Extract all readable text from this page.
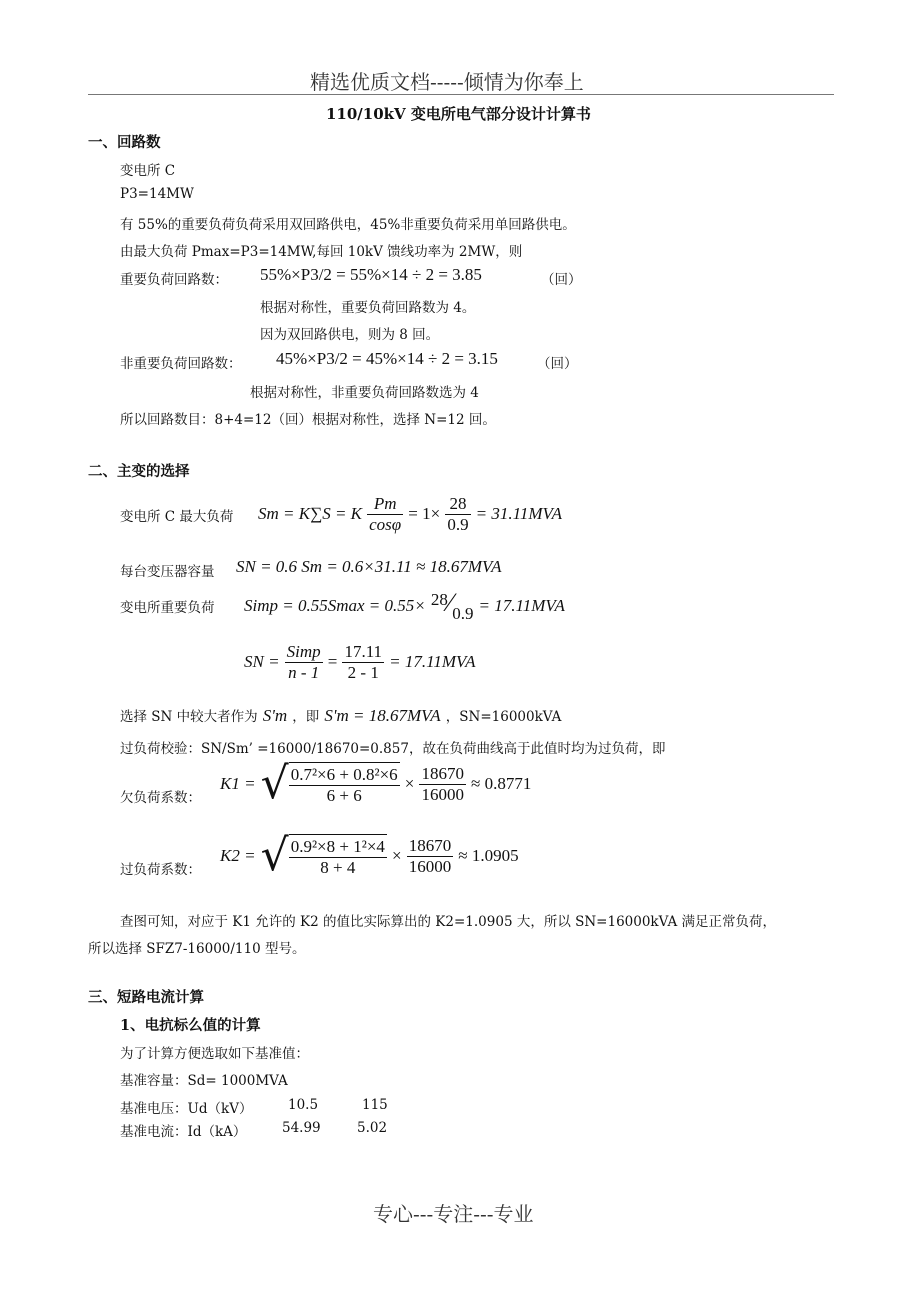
精选优质文档-----倾情为你奉上
110/10kV 变电所电气部分设计计算书
一、回路数
变电所 C
P3=14MW
有 55%的重要负荷负荷采用双回路供电，45%非重要负荷采用单回路供电。
由最大负荷 Pmax=P3=14MW,每回 10kV 馈线功率为 2MW，则
重要负荷回路数： 55%×P3/2 = 55%×14 ÷ 2 = 3.85	（回）
根据对称性，重要负荷回路数为 4。
因为双回路供电，则为 8 回。
非重要负荷回路数： 45%×P3/2 = 45%×14 ÷ 2 = 3.15	（回）
根据对称性，非重要负荷回路数选为 4
所以回路数目：8+4=12（回）根据对称性，选择 N=12 回。
二、主变的选择
变电所 C 最大负荷 Sm = K∑S = K $\frac{Pm}{\cos\varphi} = 1\times \frac{28}{0.9} = 31.11MVA$
每台变压器容量 SN = 0.6 Sm = 0.6×31.11 ≈ 18.67MVA
变电所重要负荷 Simp = 0.55Smax = 0.55× 28⁄0.9 = 17.11MVA
SN = $\frac{\text{Simp}}{n - 1} = \frac{17.11}{2 - 1} = 17.11MVA$
选择 SN 中较大者作为 S'm ，即 S'm = 18.67MVA ，SN=16000kVA
过负荷校验：SN/Sm’ =16000/18670=0.857，故在负荷曲线高于此值时均为过负荷，即
欠负荷系数：
K1 = √ $\frac{\text{0.7²×6 + 0.8²×6}}{6 + 6} \times \frac{18670}{16000} \approx 0.8771$
过负荷系数：
K2 = √ $\frac{\text{0.9²×8 + 1²×4}}{8 + 4} \times \frac{18670}{16000} \approx 1.0905$
查图可知，对应于 K1 允许的 K2 的值比实际算出的 K2=1.0905 大，所以 SN=16000kVA 满足正常负荷，
所以选择 SFZ7-16000/110 型号。
三、短路电流计算
1、电抗标么值的计算
为了计算方便选取如下基准值：
基准容量：Sd= 1000MVA
基准电压：Ud（kV）	10.5	115
基准电流：Id（kA）	54.99	5.02
专心---专注---专业
